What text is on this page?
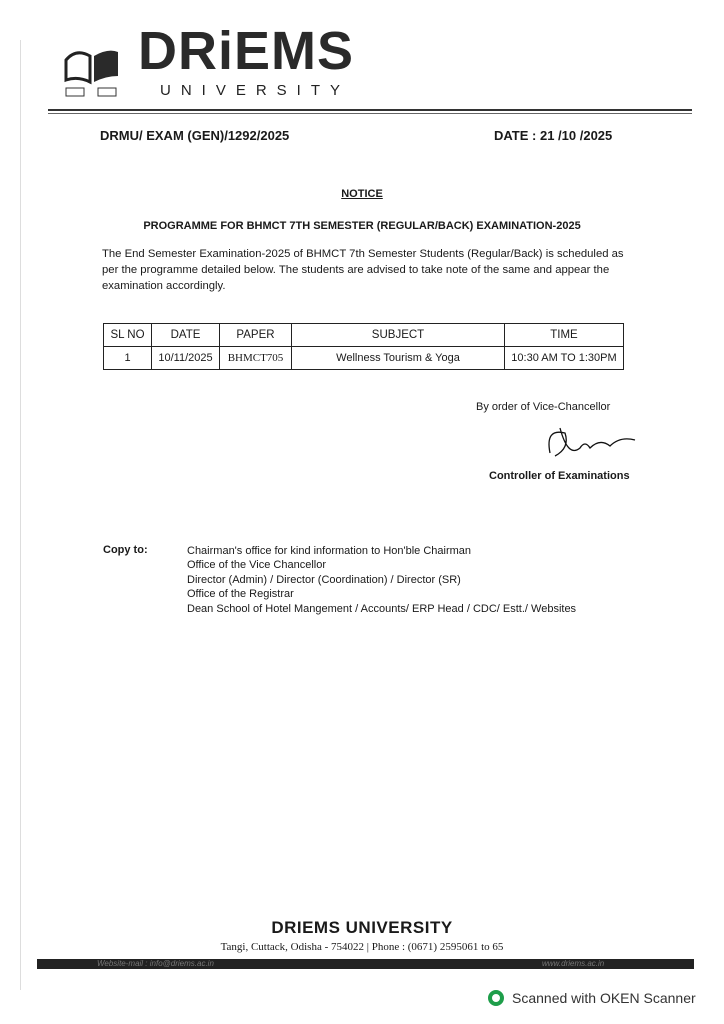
DRiEMS
UNIVERSITY
DRMU/ EXAM (GEN)/1292/2025	DATE : 21 /10 /2025
NOTICE
PROGRAMME FOR BHMCT 7TH SEMESTER (REGULAR/BACK) EXAMINATION-2025
The End Semester Examination-2025 of BHMCT 7th Semester Students (Regular/Back) is scheduled as per the programme detailed below. The students are advised to take note of the same and appear the examination accordingly.
SL NO	DATE	PAPER	SUBJECT	TIME
1	10/11/2025	BHMCT705	Wellness Tourism & Yoga	10:30 AM TO 1:30PM
By order of Vice-Chancellor
Controller of Examinations
Copy to:	Chairman's office for kind information to Hon'ble Chairman
Office of the Vice Chancellor
Director (Admin) / Director (Coordination) / Director (SR)
Office of the Registrar
Dean School of Hotel Mangement / Accounts/ ERP Head / CDC/ Estt./ Websites
DRIEMS UNIVERSITY
Tangi, Cuttack, Odisha - 754022 | Phone : (0671) 2595061 to 65
Website-mail : info@driems.ac.in	www.driems.ac.in
Scanned with OKEN Scanner
